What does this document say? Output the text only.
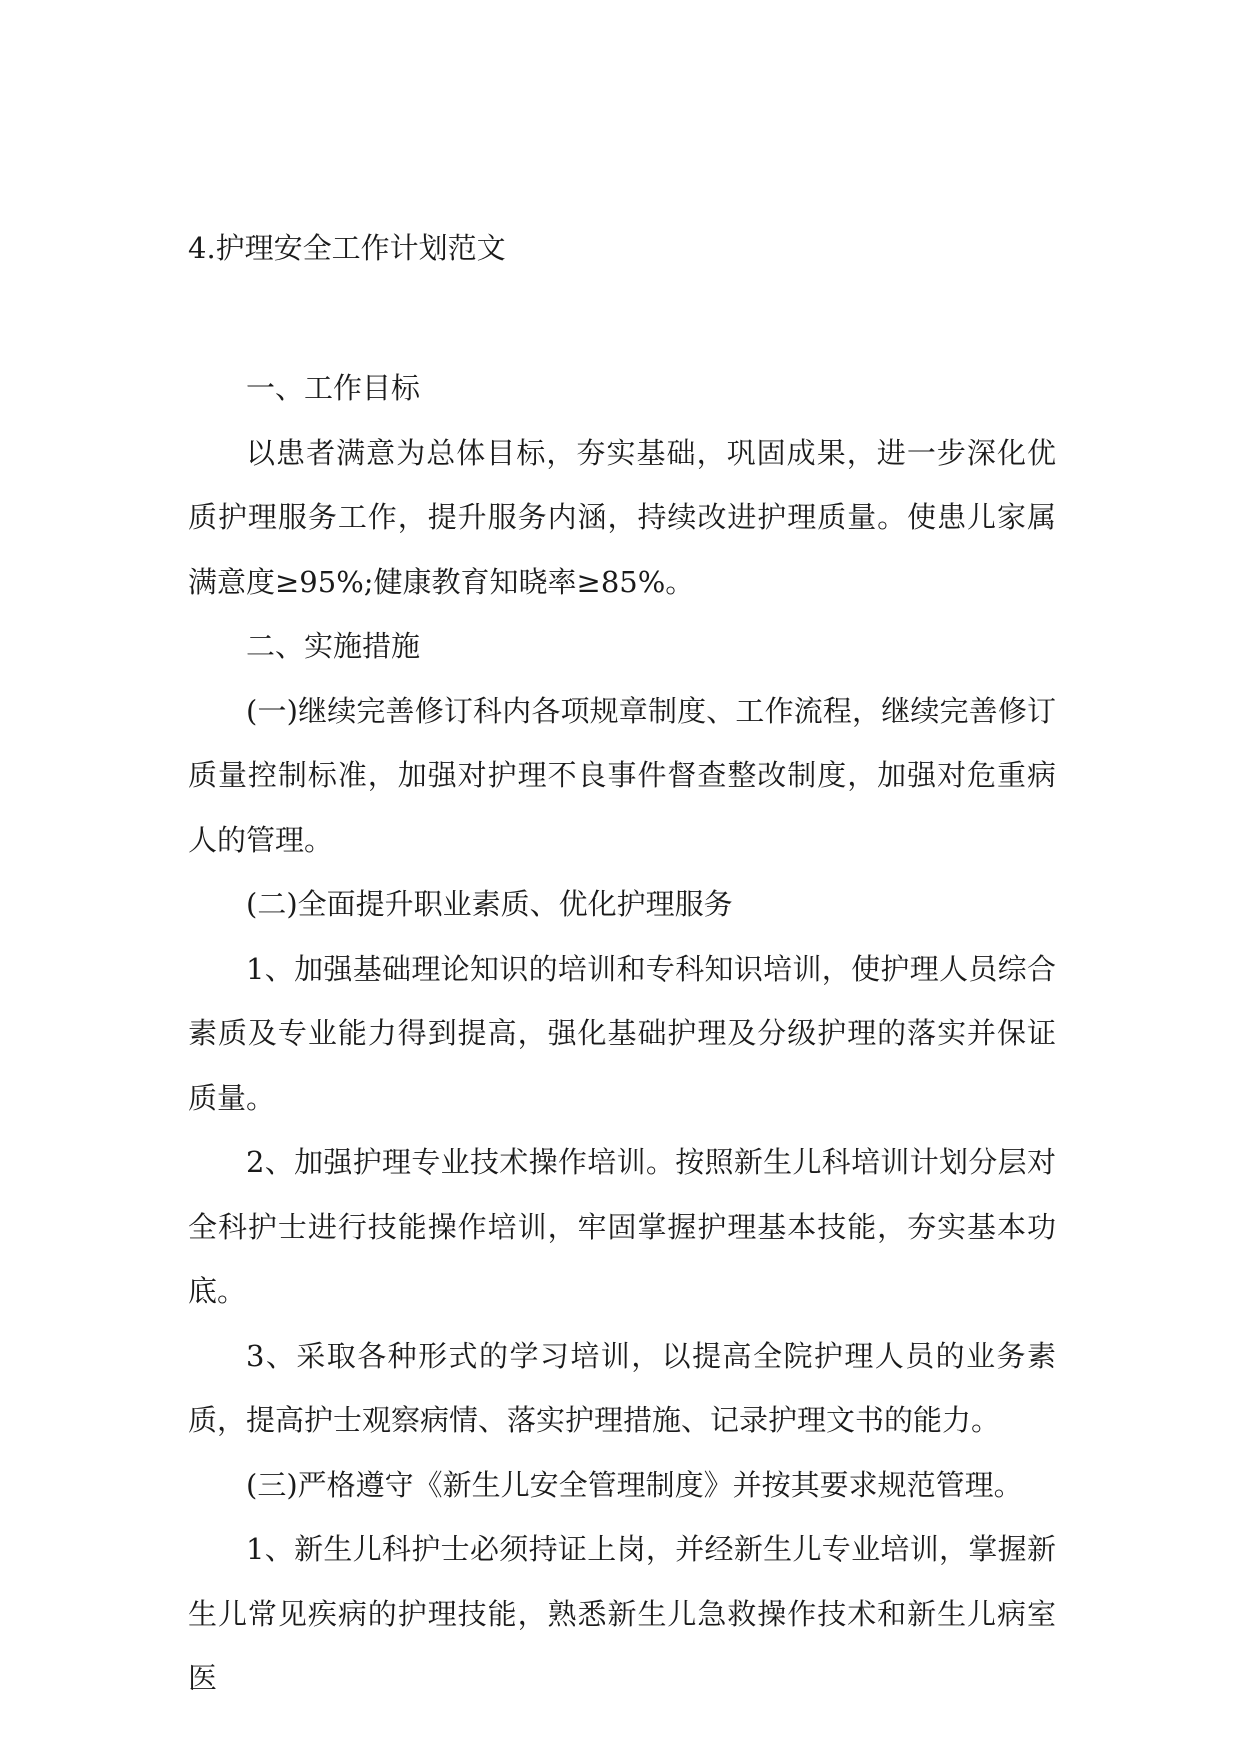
4.护理安全工作计划范文

一、工作目标

以患者满意为总体目标，夯实基础，巩固成果，进一步深化优质护理服务工作，提升服务内涵，持续改进护理质量。使患儿家属满意度≥95%;健康教育知晓率≥85%。

二、实施措施

(一)继续完善修订科内各项规章制度、工作流程，继续完善修订质量控制标准，加强对护理不良事件督查整改制度，加强对危重病人的管理。

(二)全面提升职业素质、优化护理服务

1、加强基础理论知识的培训和专科知识培训，使护理人员综合素质及专业能力得到提高，强化基础护理及分级护理的落实并保证质量。

2、加强护理专业技术操作培训。按照新生儿科培训计划分层对全科护士进行技能操作培训，牢固掌握护理基本技能，夯实基本功底。

3、采取各种形式的学习培训，以提高全院护理人员的业务素质，提高护士观察病情、落实护理措施、记录护理文书的能力。

(三)严格遵守《新生儿安全管理制度》并按其要求规范管理。

1、新生儿科护士必须持证上岗，并经新生儿专业培训，掌握新生儿常见疾病的护理技能，熟悉新生儿急救操作技术和新生儿病室医
